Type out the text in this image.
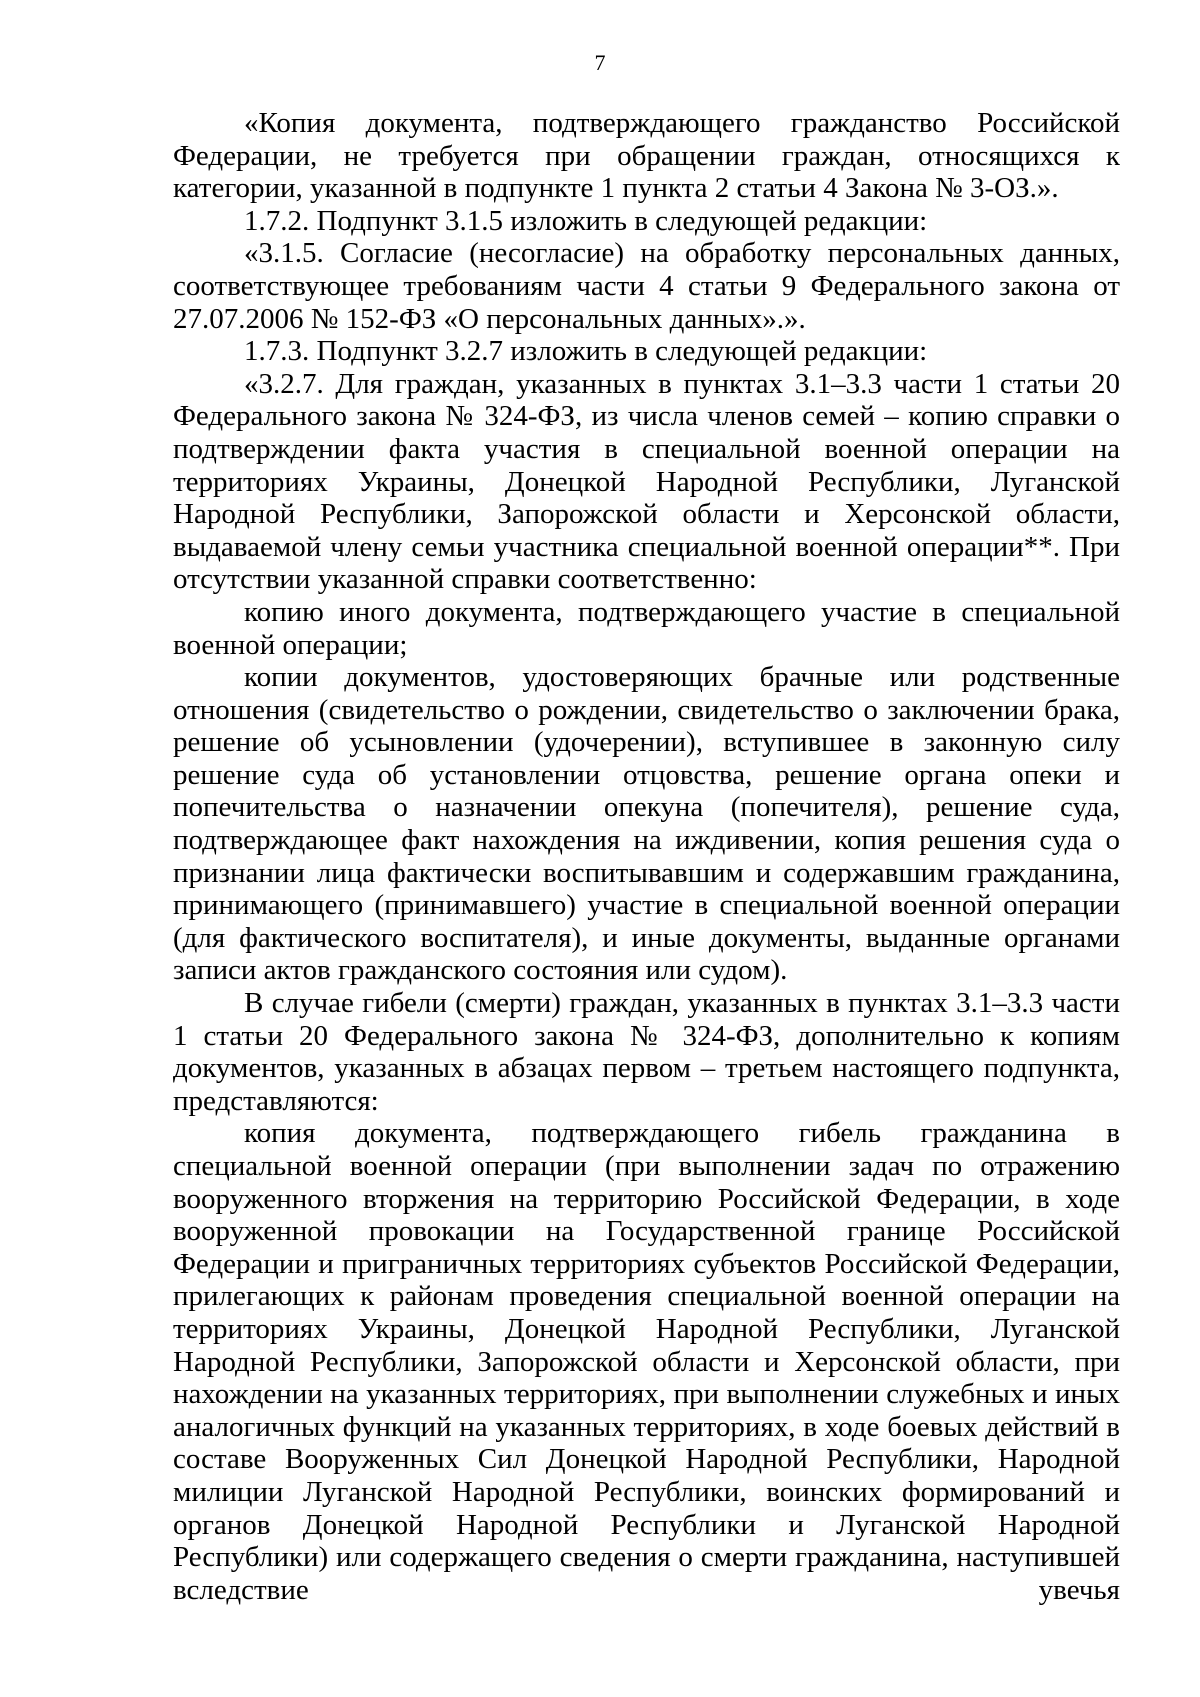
7

«Копия документа, подтверждающего гражданство Российской Федерации, не требуется при обращении граждан, относящихся к категории, указанной в подпункте 1 пункта 2 статьи 4 Закона № 3-ОЗ.».

1.7.2. Подпункт 3.1.5 изложить в следующей редакции:

«3.1.5. Согласие (несогласие) на обработку персональных данных, соответствующее требованиям части 4 статьи 9 Федерального закона от 27.07.2006 № 152-ФЗ «О персональных данных».».

1.7.3. Подпункт 3.2.7 изложить в следующей редакции:

«3.2.7. Для граждан, указанных в пунктах 3.1–3.3 части 1 статьи 20 Федерального закона № 324-ФЗ, из числа членов семей – копию справки о подтверждении факта участия в специальной военной операции на территориях Украины, Донецкой Народной Республики, Луганской Народной Республики, Запорожской области и Херсонской области, выдаваемой члену семьи участника специальной военной операции**. При отсутствии указанной справки соответственно:

копию иного документа, подтверждающего участие в специальной военной операции;

копии документов, удостоверяющих брачные или родственные отношения (свидетельство о рождении, свидетельство о заключении брака, решение об усыновлении (удочерении), вступившее в законную силу решение суда об установлении отцовства, решение органа опеки и попечительства о назначении опекуна (попечителя), решение суда, подтверждающее факт нахождения на иждивении, копия решения суда о признании лица фактически воспитывавшим и содержавшим гражданина, принимающего (принимавшего) участие в специальной военной операции (для фактического воспитателя), и иные документы, выданные органами записи актов гражданского состояния или судом).

В случае гибели (смерти) граждан, указанных в пунктах 3.1–3.3 части 1 статьи 20 Федерального закона № 324-ФЗ, дополнительно к копиям документов, указанных в абзацах первом – третьем настоящего подпункта, представляются:

копия документа, подтверждающего гибель гражданина в специальной военной операции (при выполнении задач по отражению вооруженного вторжения на территорию Российской Федерации, в ходе вооруженной провокации на Государственной границе Российской Федерации и приграничных территориях субъектов Российской Федерации, прилегающих к районам проведения специальной военной операции на территориях Украины, Донецкой Народной Республики, Луганской Народной Республики, Запорожской области и Херсонской области, при нахождении на указанных территориях, при выполнении служебных и иных аналогичных функций на указанных территориях, в ходе боевых действий в составе Вооруженных Сил Донецкой Народной Республики, Народной милиции Луганской Народной Республики, воинских формирований и органов Донецкой Народной Республики и Луганской Народной Республики) или содержащего сведения о смерти гражданина, наступившей вследствие увечья
